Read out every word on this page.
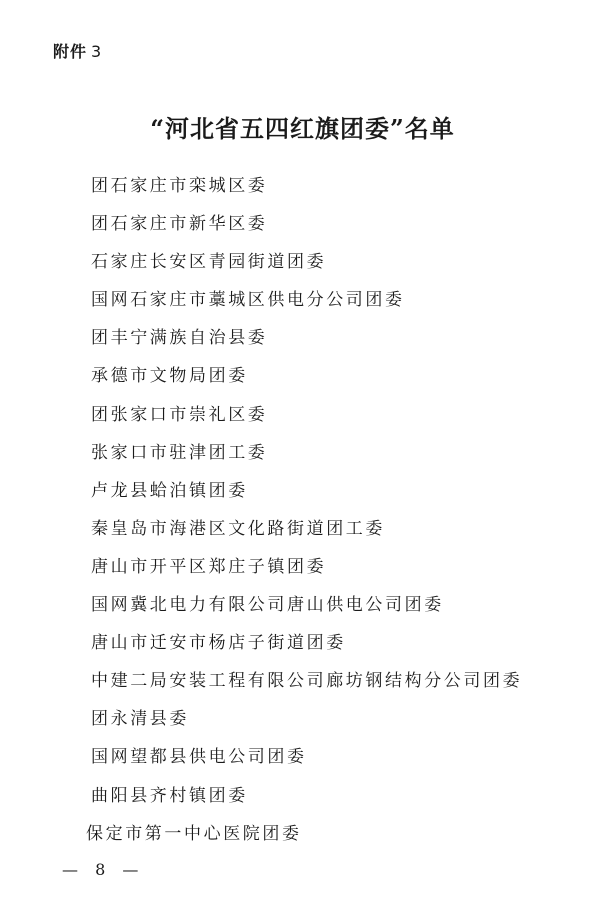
附件 3
“河北省五四红旗团委”名单
团石家庄市栾城区委
团石家庄市新华区委
石家庄长安区青园街道团委
国网石家庄市藁城区供电分公司团委
团丰宁满族自治县委
承德市文物局团委
团张家口市崇礼区委
张家口市驻津团工委
卢龙县蛤泊镇团委
秦皇岛市海港区文化路街道团工委
唐山市开平区郑庄子镇团委
国网冀北电力有限公司唐山供电公司团委
唐山市迁安市杨店子街道团委
中建二局安装工程有限公司廊坊钢结构分公司团委
团永清县委
国网望都县供电公司团委
曲阳县齐村镇团委
保定市第一中心医院团委
— 8 —
